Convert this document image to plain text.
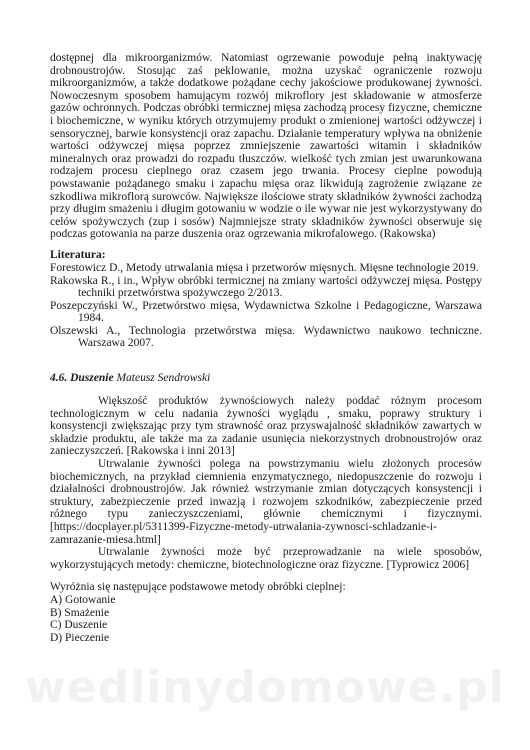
dostępnej dla mikroorganizmów. Natomiast ogrzewanie powoduje pełną inaktywację drobnoustrojów. Stosując zaś peklowanie, można uzyskać ograniczenie rozwoju mikroorganizmów, a także dodatkowe pożądane cechy jakościowe produkowanej żywności. Nowoczesnym sposobem hamującym rozwój mikroflory jest składowanie w atmosferze gazów ochronnych. Podczas obróbki termicznej mięsa zachodzą procesy fizyczne, chemiczne i biochemiczne, w wyniku których otrzymujemy produkt o zmienionej wartości odżywczej i sensorycznej, barwie konsystencji oraz zapachu. Działanie temperatury wpływa na obniżenie wartości odżywczej mięsa poprzez zmniejszenie zawartości witamin i składników mineralnych oraz prowadzi do rozpadu tłuszczów. wielkość tych zmian jest uwarunkowana rodzajem procesu cieplnego oraz czasem jego trwania. Procesy cieplne powodują powstawanie pożądanego smaku i zapachu mięsa oraz likwidują zagrożenie związane ze szkodliwa mikroflorą surowców. Największe ilościowe straty składników żywności zachodzą przy długim smażeniu i długim gotowaniu w wodzie o ile wywar nie jest wykorzystywany do celów spożywczych (zup i sosów) Najmniejsze straty składników żywności obserwuje się podczas gotowania na parze duszenia oraz ogrzewania mikrofalowego. (Rakowska)

Literatura:

Forestowicz D., Metody utrwalania mięsa i przetworów mięsnych. Mięsne technologie 2019.
Rakowska R., i in., Wpływ obróbki termicznej na zmiany wartości odżywczej mięsa. Postępy techniki przetwórstwa spożywczego 2/2013.
Poszepczyński W., Przetwórstwo mięsa, Wydawnictwa Szkolne i Pedagogiczne, Warszawa 1984.
Olszewski A., Technologia przetwórstwa mięsa. Wydawnictwo naukowo techniczne. Warszawa 2007.

4.6. Duszenie Mateusz Sendrowski

Większość produktów żywnościowych należy poddać różnym procesom technologicznym w celu nadania żywności wyglądu , smaku, poprawy struktury i konsystencji zwiększając przy tym strawność oraz przyswajalność składników zawartych w składzie produktu, ale także ma za zadanie usunięcia niekorzystnych drobnoustrojów oraz zanieczyszczeń. [Rakowska i inni 2013]

Utrwalanie żywności polega na powstrzymaniu wielu złożonych procesów biochemicznych, na przykład ciemnienia enzymatycznego, niedopuszczenie do rozwoju i działalności drobnoustrojów. Jak również wstrzymanie zmian dotyczących konsystencji i struktury, zabezpieczenie przed inwazją i rozwojem szkodników, zabezpieczenie przed różnego typu zanieczyszczeniami, głównie chemicznymi i fizycznymi. [https://docplayer.pl/5311399-Fizyczne-metody-utrwalania-zywnosci-schladzanie-i-zamrazanie-miesa.html]

Utrwalanie żywności może być przeprowadzanie na wiele sposobów, wykorzystujących metody: chemiczne, biotechnologiczne oraz fizyczne. [Typrowicz 2006]

Wyróżnia się następujące podstawowe metody obróbki cieplnej:

A) Gotowanie
B) Smażenie
C) Duszenie
D) Pieczenie
wedlinydomowe.pl
